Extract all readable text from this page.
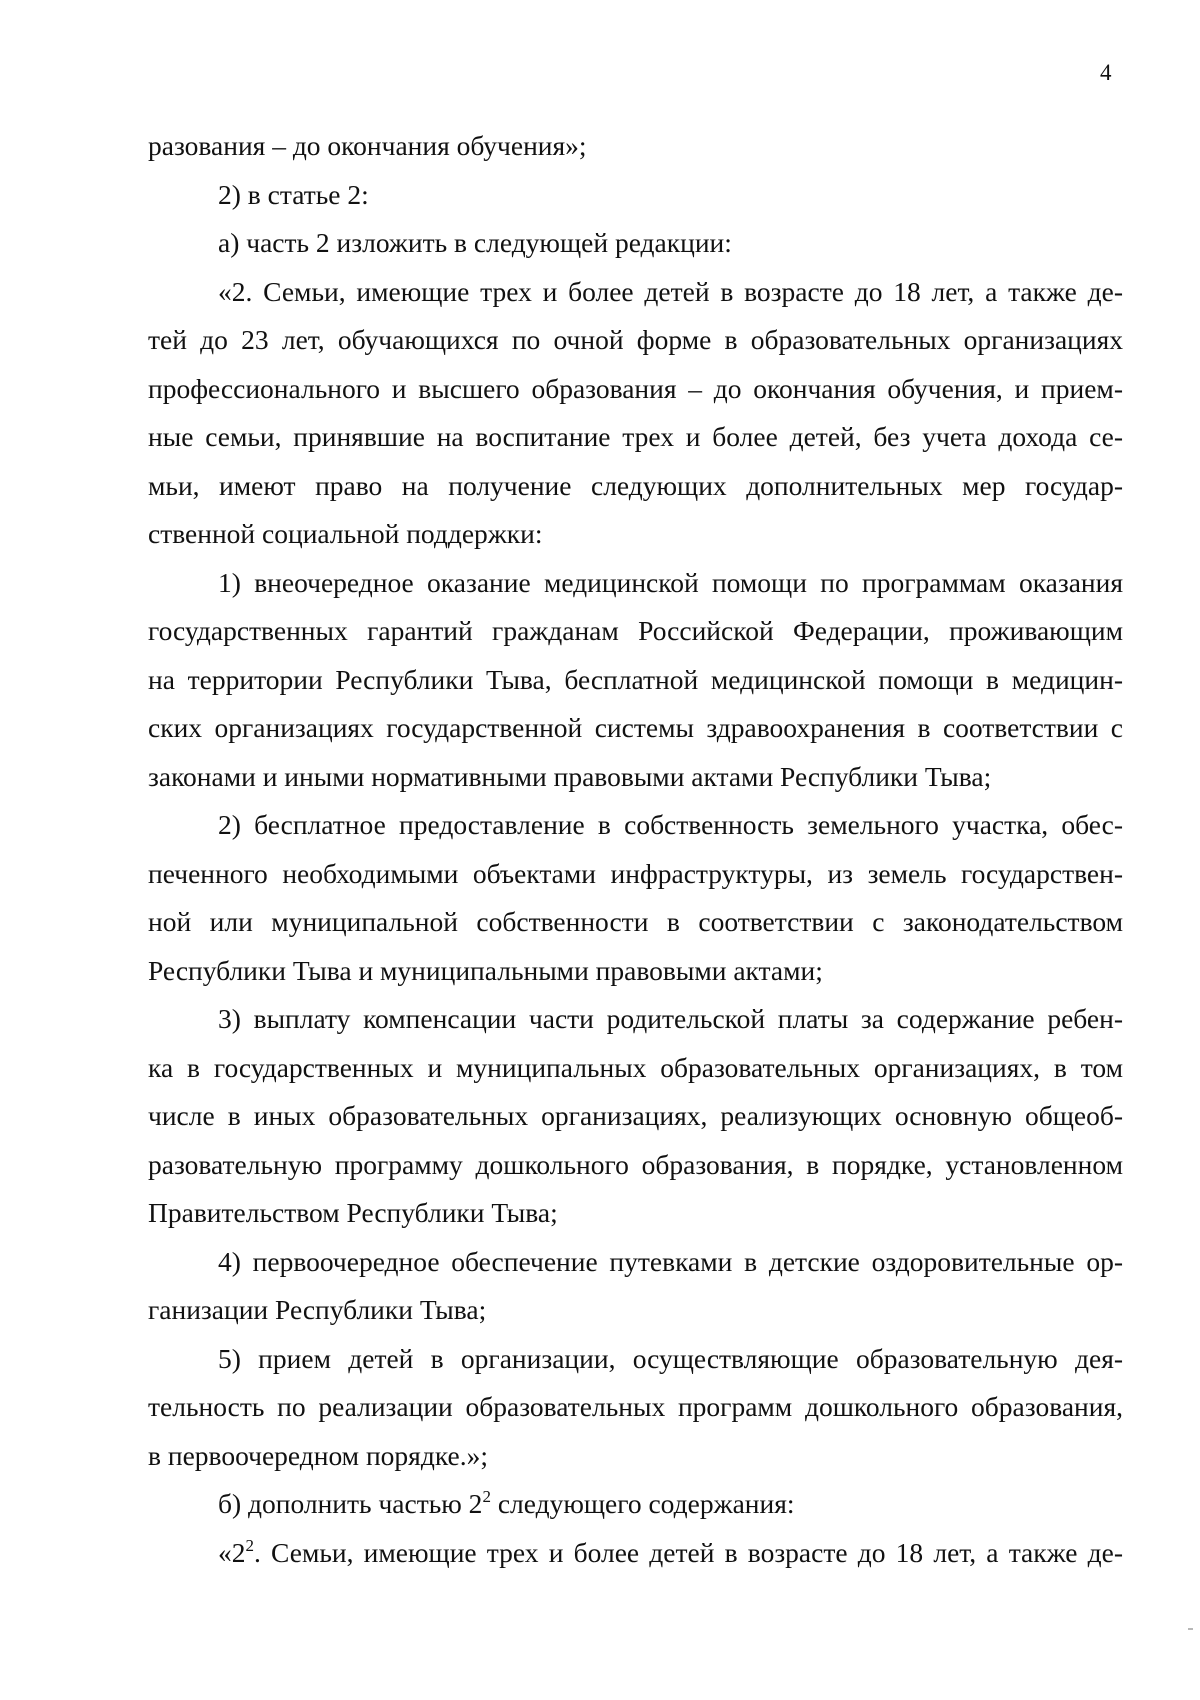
4
разования – до окончания обучения»;
2) в статье 2:
а) часть 2 изложить в следующей редакции:
«2. Семьи, имеющие трех и более детей в возрасте до 18 лет, а также де-
тей до 23 лет, обучающихся по очной форме в образовательных организациях
профессионального и высшего образования – до окончания обучения, и прием-
ные семьи, принявшие на воспитание трех и более детей, без учета дохода се-
мьи, имеют право на получение следующих дополнительных мер государ-
ственной социальной поддержки:
1) внеочередное оказание медицинской помощи по программам оказания
государственных гарантий гражданам Российской Федерации, проживающим
на территории Республики Тыва, бесплатной медицинской помощи в медицин-
ских организациях государственной системы здравоохранения в соответствии с
законами и иными нормативными правовыми актами Республики Тыва;
2) бесплатное предоставление в собственность земельного участка, обес-
печенного необходимыми объектами инфраструктуры, из земель государствен-
ной или муниципальной собственности в соответствии с законодательством
Республики Тыва и муниципальными правовыми актами;
3) выплату компенсации части родительской платы за содержание ребен-
ка в государственных и муниципальных образовательных организациях, в том
числе в иных образовательных организациях, реализующих основную общеоб-
разовательную программу дошкольного образования, в порядке, установленном
Правительством Республики Тыва;
4) первоочередное обеспечение путевками в детские оздоровительные ор-
ганизации Республики Тыва;
5) прием детей в организации, осуществляющие образовательную дея-
тельность по реализации образовательных программ дошкольного образования,
в первоочередном порядке.»;
б) дополнить частью $2^2$ следующего содержания:
«$2^2$. Семьи, имеющие трех и более детей в возрасте до 18 лет, а также де-
